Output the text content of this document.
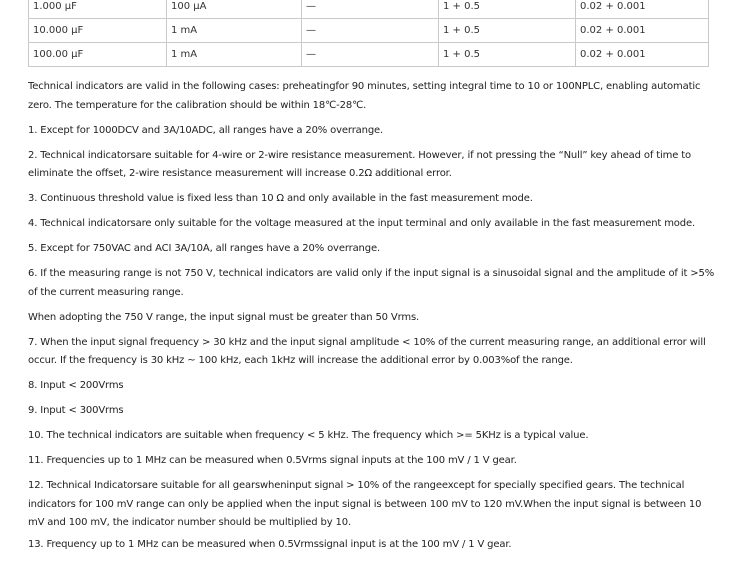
1.000 μF	100 μA	—	1 + 0.5	0.02 + 0.001
10.000 μF	1 mA	—	1 + 0.5	0.02 + 0.001
100.00 μF	1 mA	—	1 + 0.5	0.02 + 0.001

Technical indicators are valid in the following cases: preheatingfor 90 minutes, setting integral time to 10 or 100NPLC, enabling automatic zero. The temperature for the calibration should be within 18℃-28℃.

1. Except for 1000DCV and 3A/10ADC, all ranges have a 20% overrange.

2. Technical indicatorsare suitable for 4-wire or 2-wire resistance measurement. However, if not pressing the “Null” key ahead of time to eliminate the offset, 2-wire resistance measurement will increase 0.2Ω additional error.

3. Continuous threshold value is fixed less than 10 Ω and only available in the fast measurement mode.

4. Technical indicatorsare only suitable for the voltage measured at the input terminal and only available in the fast measurement mode.

5. Except for 750VAC and ACI 3A/10A, all ranges have a 20% overrange.

6. If the measuring range is not 750 V, technical indicators are valid only if the input signal is a sinusoidal signal and the amplitude of it >5% of the current measuring range.

When adopting the 750 V range, the input signal must be greater than 50 Vrms.

7. When the input signal frequency > 30 kHz and the input signal amplitude < 10% of the current measuring range, an additional error will occur. If the frequency is 30 kHz ~ 100 kHz, each 1kHz will increase the additional error by 0.003%of the range.

8. Input < 200Vrms

9. Input < 300Vrms

10. The technical indicators are suitable when frequency < 5 kHz. The frequency which >= 5KHz is a typical value.

11. Frequencies up to 1 MHz can be measured when 0.5Vrms signal inputs at the 100 mV / 1 V gear.

12. Technical Indicatorsare suitable for all gearswheninput signal > 10% of the rangeexcept for specially specified gears. The technical indicators for 100 mV range can only be applied when the input signal is between 100 mV to 120 mV.When the input signal is between 10 mV and 100 mV, the indicator number should be multiplied by 10.

13. Frequency up to 1 MHz can be measured when 0.5Vrmssignal input is at the 100 mV / 1 V gear.
